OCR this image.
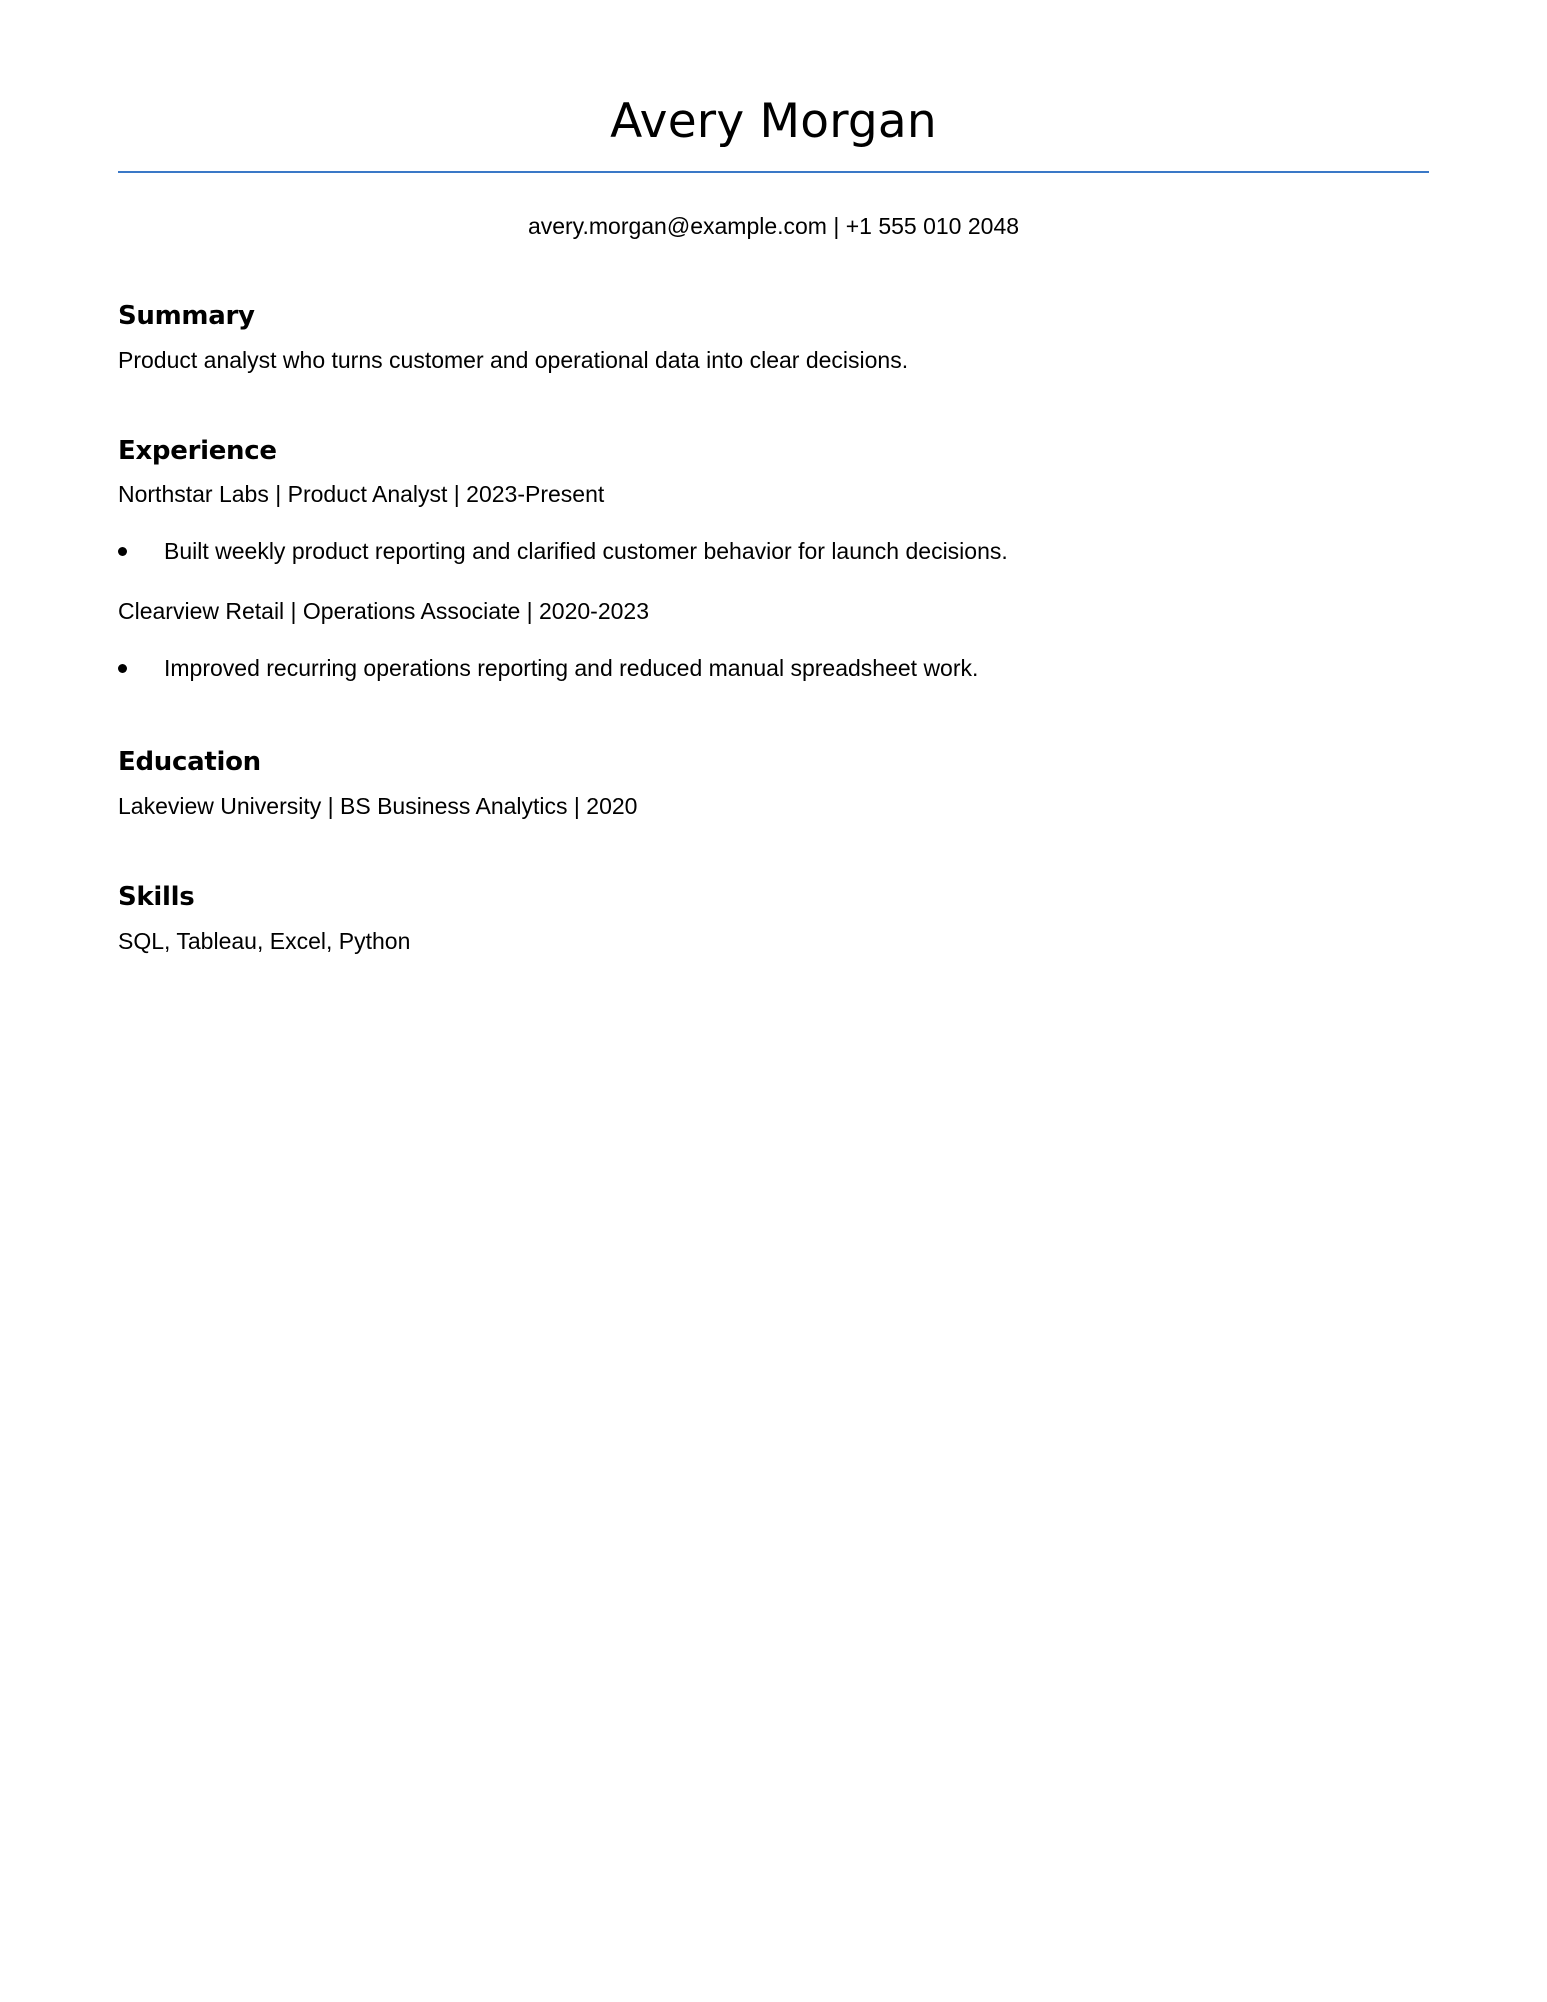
Avery Morgan
avery.morgan@example.com | +1 555 010 2048
Summary
Product analyst who turns customer and operational data into clear decisions.
Experience
Northstar Labs | Product Analyst | 2023-Present
Built weekly product reporting and clarified customer behavior for launch decisions.
Clearview Retail | Operations Associate | 2020-2023
Improved recurring operations reporting and reduced manual spreadsheet work.
Education
Lakeview University | BS Business Analytics | 2020
Skills
SQL, Tableau, Excel, Python
